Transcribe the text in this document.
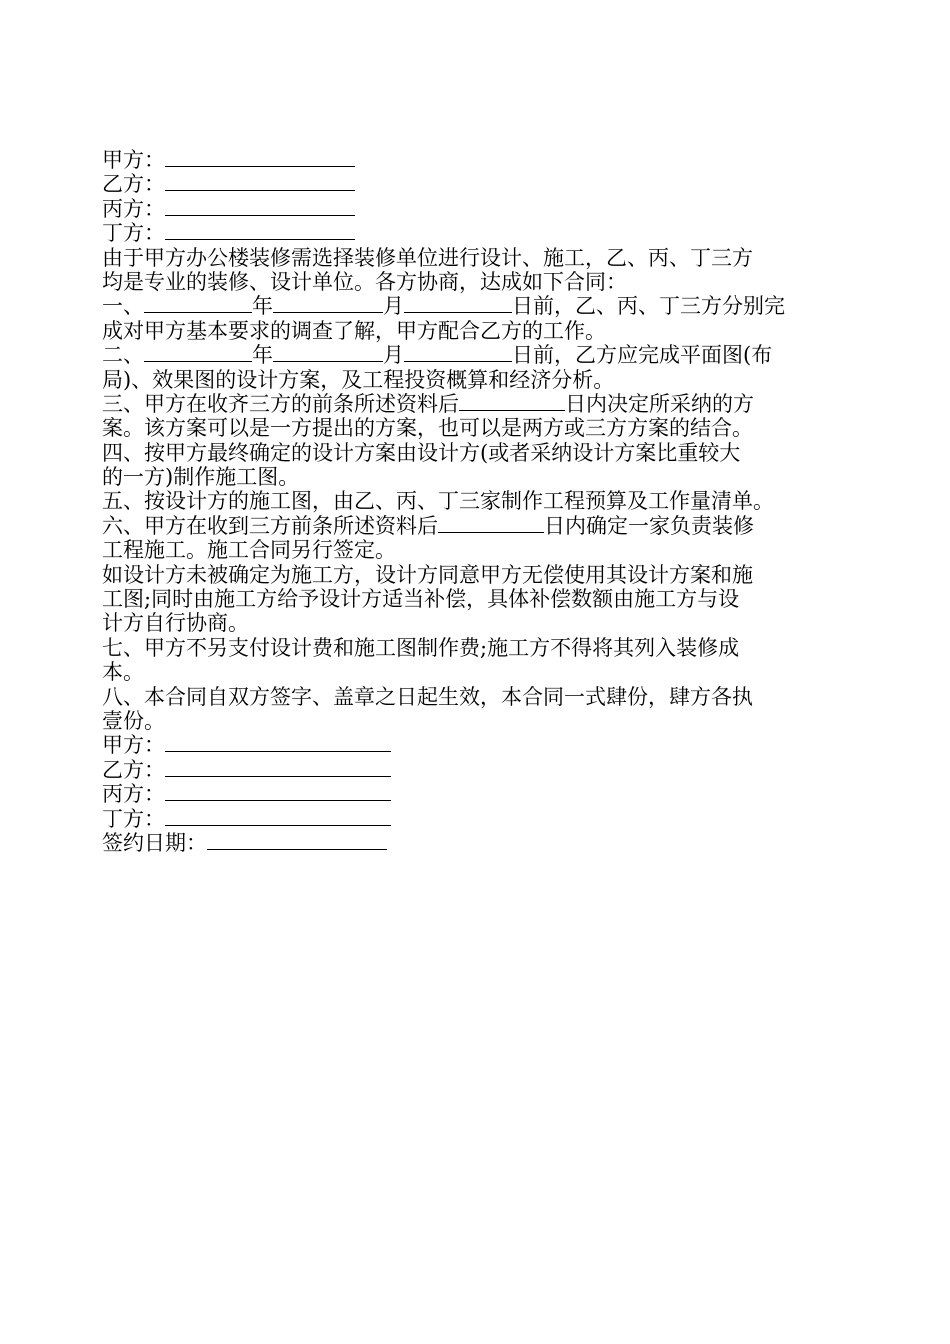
甲方：
乙方：
丙方：
丁方：
由于甲方办公楼装修需选择装修单位进行设计、施工，乙、丙、丁三方
均是专业的装修、设计单位。各方协商，达成如下合同：
一、	年	月	日前，乙、丙、丁三方分别完
成对甲方基本要求的调查了解，甲方配合乙方的工作。
二、	年	月	日前，乙方应完成平面图(布
局)、效果图的设计方案，及工程投资概算和经济分析。
三、甲方在收齐三方的前条所述资料后	日内决定所采纳的方
案。该方案可以是一方提出的方案，也可以是两方或三方方案的结合。
四、按甲方最终确定的设计方案由设计方(或者采纳设计方案比重较大
的一方)制作施工图。
五、按设计方的施工图，由乙、丙、丁三家制作工程预算及工作量清单。
六、甲方在收到三方前条所述资料后	日内确定一家负责装修
工程施工。施工合同另行签定。
如设计方未被确定为施工方，设计方同意甲方无偿使用其设计方案和施
工图;同时由施工方给予设计方适当补偿，具体补偿数额由施工方与设
计方自行协商。
七、甲方不另支付设计费和施工图制作费;施工方不得将其列入装修成
本。
八、本合同自双方签字、盖章之日起生效，本合同一式肆份，肆方各执
壹份。
甲方：
乙方：
丙方：
丁方：
签约日期：
